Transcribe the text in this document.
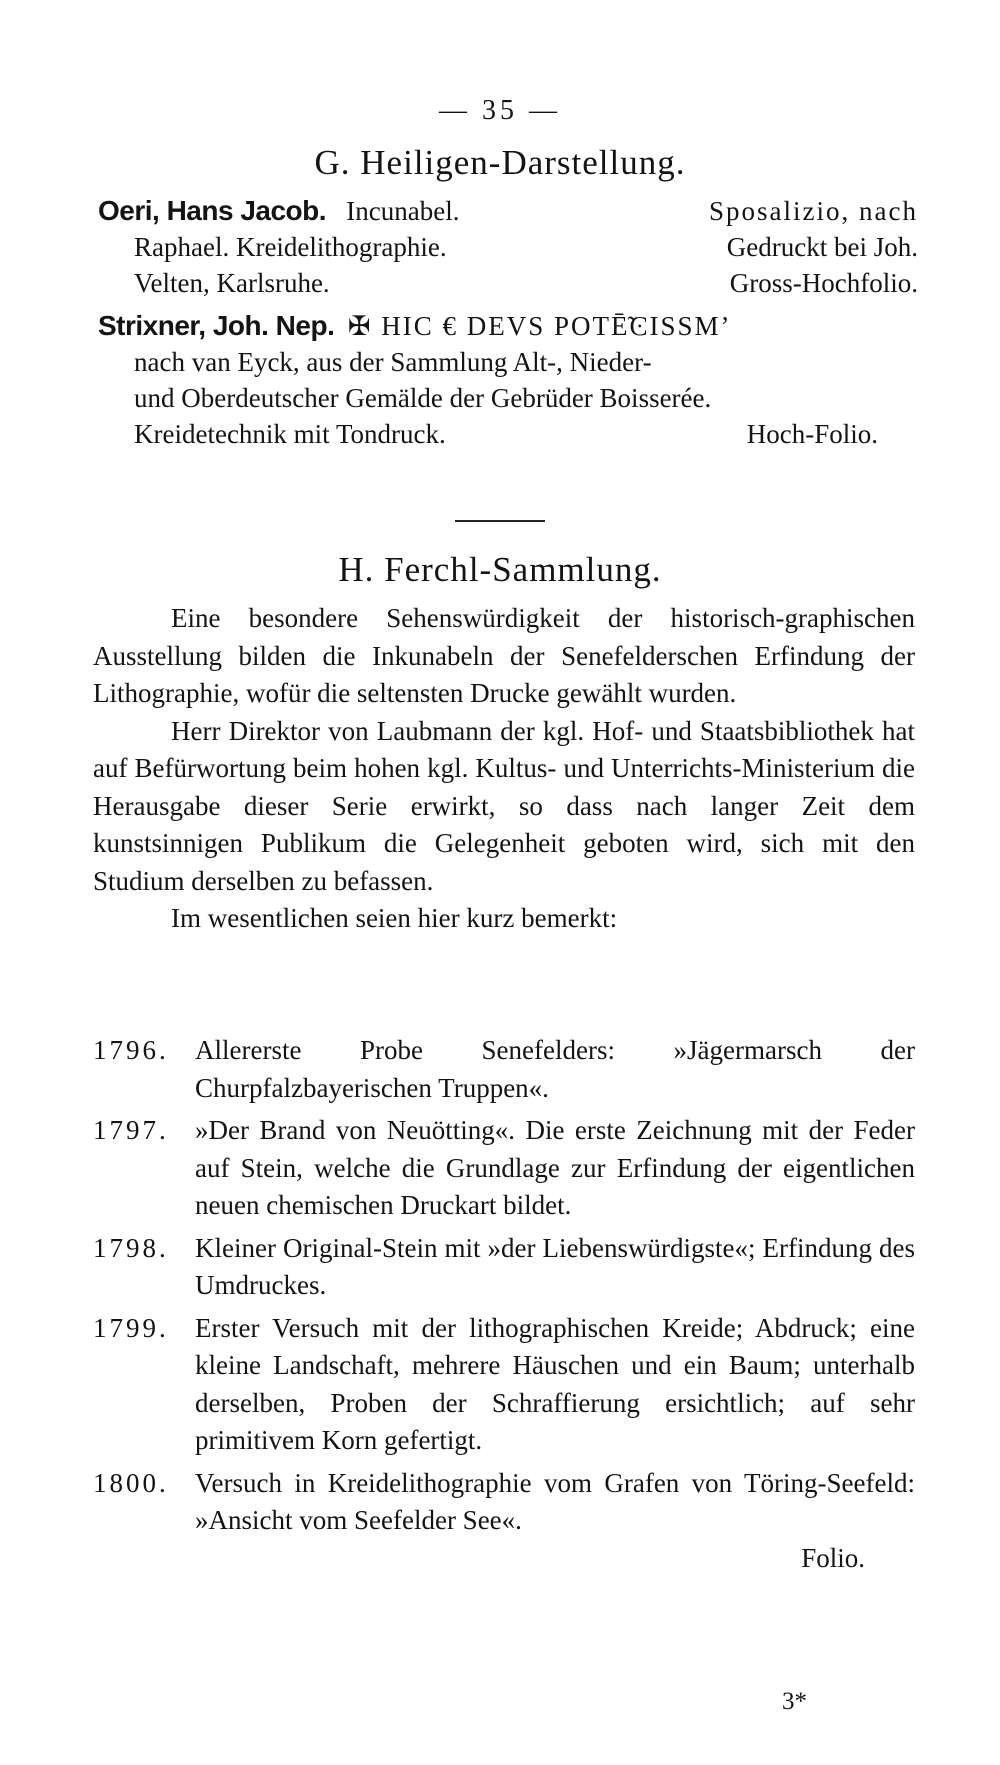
— 35 —
G. Heiligen-Darstellung.
Oeri, Hans Jacob. Incunabel.	Sposalizio, nach
Raphael. Kreidelithographie.	Gedruckt bei Joh.
Velten, Karlsruhe.	Gross-Hochfolio.
Strixner, Joh. Nep. ✠ HIC € DEVS POTĒ̃ϾISSM’
nach van Eyck, aus der Sammlung Alt-, Nieder-
und Oberdeutscher Gemälde der Gebrüder Boisserée.
Kreidetechnik mit Tondruck.	Hoch-Folio.
H. Ferchl-Sammlung.
Eine besondere Sehenswürdigkeit der historisch-graphischen Ausstellung bilden die Inkunabeln der Senefelderschen Erfindung der Lithographie, wofür die seltensten Drucke gewählt wurden.
Herr Direktor von Laubmann der kgl. Hof- und Staatsbibliothek hat auf Befürwortung beim hohen kgl. Kultus- und Unterrichts-Ministerium die Herausgabe dieser Serie erwirkt, so dass nach langer Zeit dem kunstsinnigen Publikum die Gelegenheit geboten wird, sich mit den Studium derselben zu befassen.
Im wesentlichen seien hier kurz bemerkt:
1796. Allererste Probe Senefelders: »Jägermarsch der Churpfalzbayerischen Truppen«.
1797. »Der Brand von Neuötting«. Die erste Zeichnung mit der Feder auf Stein, welche die Grundlage zur Erfindung der eigentlichen neuen chemischen Druckart bildet.
1798. Kleiner Original-Stein mit »der Liebenswürdigste«; Erfindung des Umdruckes.
1799. Erster Versuch mit der lithographischen Kreide; Abdruck; eine kleine Landschaft, mehrere Häuschen und ein Baum; unterhalb derselben, Proben der Schraffierung ersichtlich; auf sehr primitivem Korn gefertigt.
1800. Versuch in Kreidelithographie vom Grafen von Töring-Seefeld: »Ansicht vom Seefelder See«.
Folio.
3*
